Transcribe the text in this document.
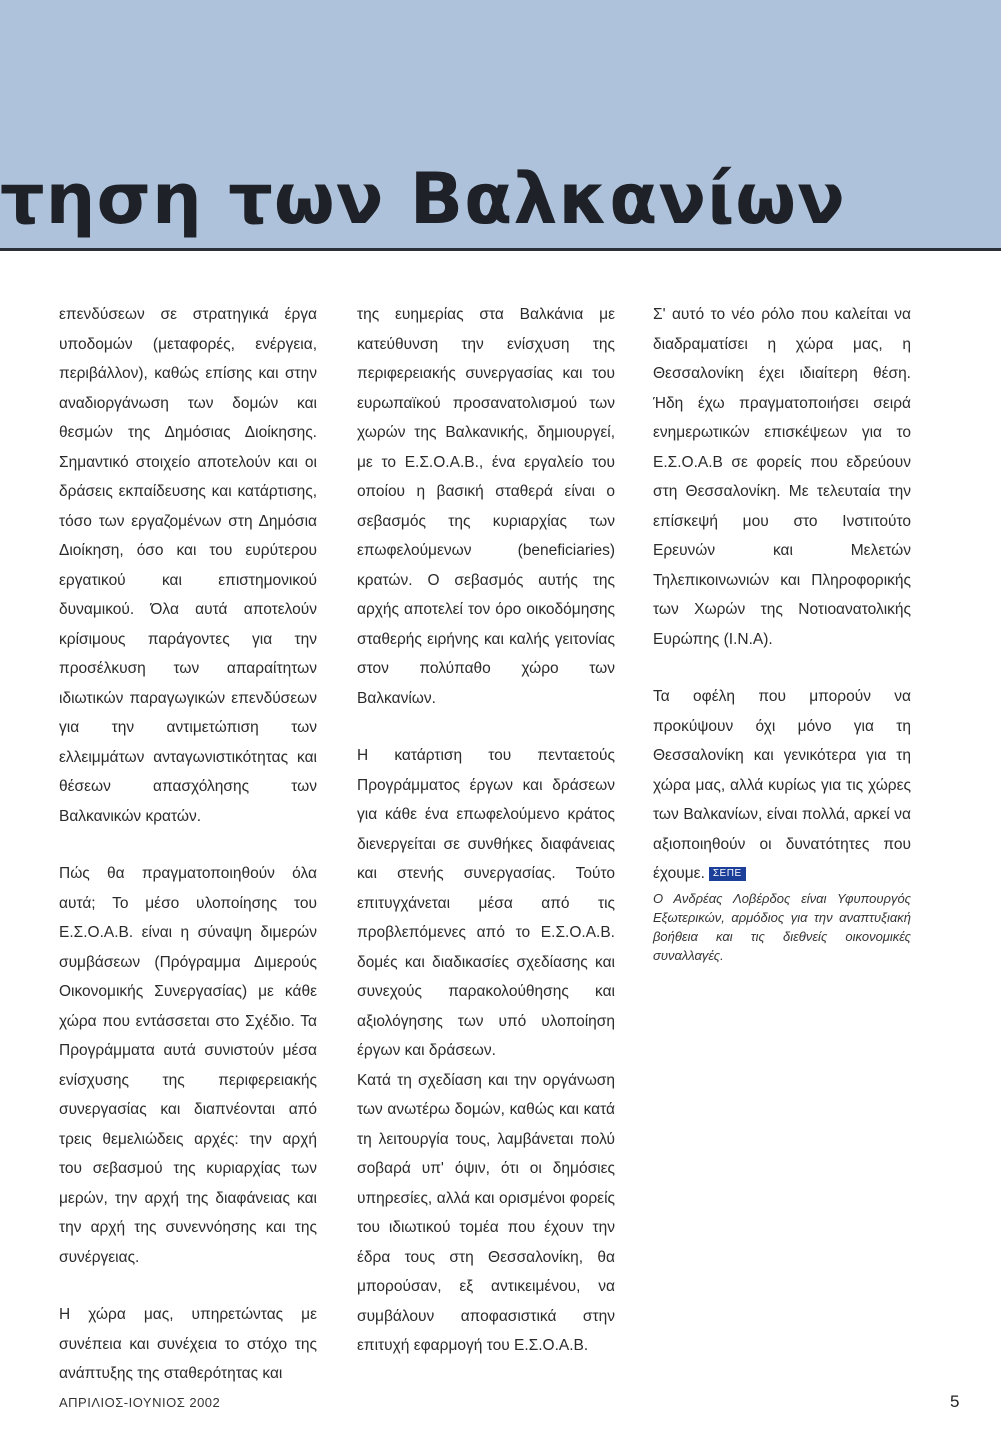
τηση των Βαλκανίων

επενδύσεων σε στρατηγικά έργα υποδομών (μεταφορές, ενέργεια, περιβάλλον), καθώς επίσης και στην αναδιοργάνωση των δομών και θεσμών της Δημόσιας Διοίκησης. Σημαντικό στοιχείο αποτελούν και οι δράσεις εκπαίδευσης και κατάρτισης, τόσο των εργαζομένων στη Δημόσια Διοίκηση, όσο και του ευρύτερου εργατικού και επιστημονικού δυναμικού. Όλα αυτά αποτελούν κρίσιμους παράγοντες για την προσέλκυση των απαραίτητων ιδιωτικών παραγωγικών επενδύσεων για την αντιμετώπιση των ελλειμμάτων ανταγωνιστικότητας και θέσεων απασχόλησης των Βαλκανικών κρατών.

Πώς θα πραγματοποιηθούν όλα αυτά; Το μέσο υλοποίησης του Ε.Σ.Ο.Α.Β. είναι η σύναψη διμερών συμβάσεων (Πρόγραμμα Διμερούς Οικονομικής Συνεργασίας) με κάθε χώρα που εντάσσεται στο Σχέδιο. Τα Προγράμματα αυτά συνιστούν μέσα ενίσχυσης της περιφερειακής συνεργασίας και διαπνέονται από τρεις θεμελιώδεις αρχές: την αρχή του σεβασμού της κυριαρχίας των μερών, την αρχή της διαφάνειας και την αρχή της συνεννόησης και της συνέργειας.

Η χώρα μας, υπηρετώντας με συνέπεια και συνέχεια το στόχο της ανάπτυξης της σταθερότητας και

της ευημερίας στα Βαλκάνια με κατεύθυνση την ενίσχυση της περιφερειακής συνεργασίας και του ευρωπαϊκού προσανατολισμού των χωρών της Βαλκανικής, δημιουργεί, με το Ε.Σ.Ο.Α.Β., ένα εργαλείο του οποίου η βασική σταθερά είναι ο σεβασμός της κυριαρχίας των επωφελούμενων (beneficiaries) κρατών. Ο σεβασμός αυτής της αρχής αποτελεί τον όρο οικοδόμησης σταθερής ειρήνης και καλής γειτονίας στον πολύπαθο χώρο των Βαλκανίων.

Η κατάρτιση του πενταετούς Προγράμματος έργων και δράσεων για κάθε ένα επωφελούμενο κράτος διενεργείται σε συνθήκες διαφάνειας και στενής συνεργασίας. Τούτο επιτυγχάνεται μέσα από τις προβλεπόμενες από το Ε.Σ.Ο.Α.Β. δομές και διαδικασίες σχεδίασης και συνεχούς παρακολούθησης και αξιολόγησης των υπό υλοποίηση έργων και δράσεων.

Κατά τη σχεδίαση και την οργάνωση των ανωτέρω δομών, καθώς και κατά τη λειτουργία τους, λαμβάνεται πολύ σοβαρά υπ' όψιν, ότι οι δημόσιες υπηρεσίες, αλλά και ορισμένοι φορείς του ιδιωτικού τομέα που έχουν την έδρα τους στη Θεσσαλονίκη, θα μπορούσαν, εξ αντικειμένου, να συμβάλουν αποφασιστικά στην επιτυχή εφαρμογή του Ε.Σ.Ο.Α.Β.

Σ' αυτό το νέο ρόλο που καλείται να διαδραματίσει η χώρα μας, η Θεσσαλονίκη έχει ιδιαίτερη θέση. Ήδη έχω πραγματοποιήσει σειρά ενημερωτικών επισκέψεων για το Ε.Σ.Ο.Α.Β σε φορείς που εδρεύουν στη Θεσσαλονίκη. Με τελευταία την επίσκεψή μου στο Ινστιτούτο Ερευνών και Μελετών Τηλεπικοινωνιών και Πληροφορικής των Χωρών της Νοτιοανατολικής Ευρώπης (Ι.Ν.Α).

Τα οφέλη που μπορούν να προκύψουν όχι μόνο για τη Θεσσαλονίκη και γενικότερα για τη χώρα μας, αλλά κυρίως για τις χώρες των Βαλκανίων, είναι πολλά, αρκεί να αξιοποιηθούν οι δυνατότητες που έχουμε. ΣΕΠΕ

Ο Ανδρέας Λοβέρδος είναι Υφυπουργός Εξωτερικών, αρμόδιος για την αναπτυξιακή βοήθεια και τις διεθνείς οικονομικές συναλλαγές.

ΑΠΡΙΛΙΟΣ-ΙΟΥΝΙΟΣ 2002	5
